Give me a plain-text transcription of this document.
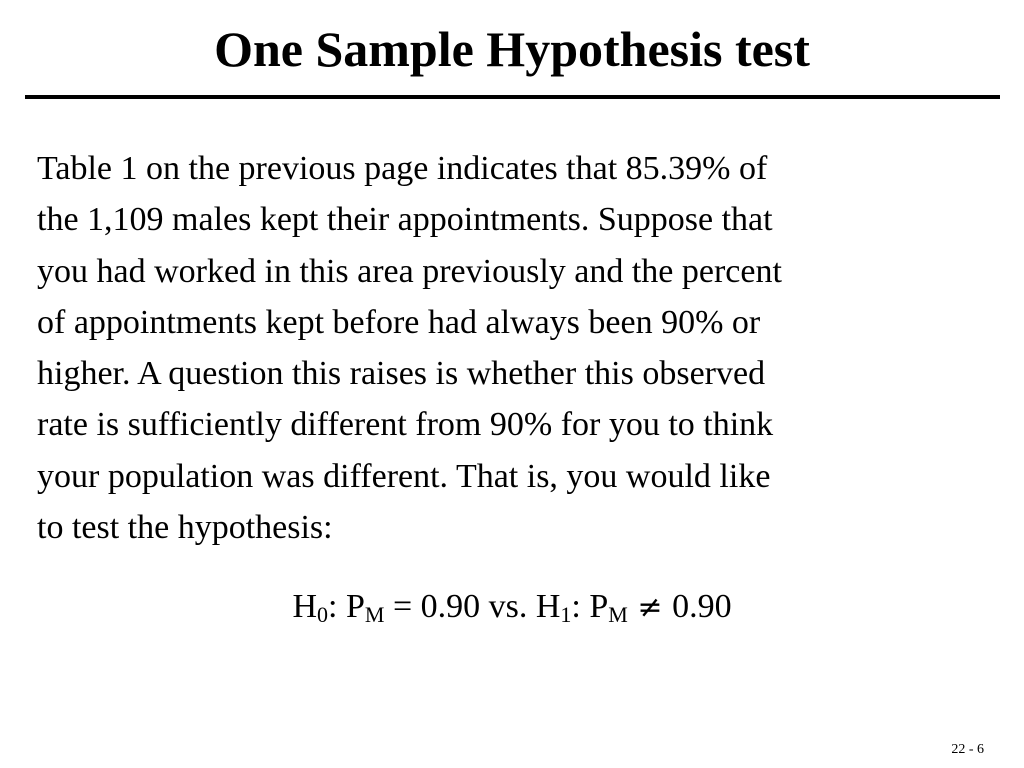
One Sample Hypothesis test
Table 1 on the previous page indicates that 85.39% of
the 1,109 males kept their appointments. Suppose that
you had worked in this area previously and the percent
of appointments kept before had always been 90% or
higher. A question this raises is whether this observed
rate is sufficiently different from 90% for you to think
your population was different. That is, you would like
to test the hypothesis:
$H_0$: $P_M = 0.90$ vs. $H_1$: $P_M \ne 0.90$
22 - 6
